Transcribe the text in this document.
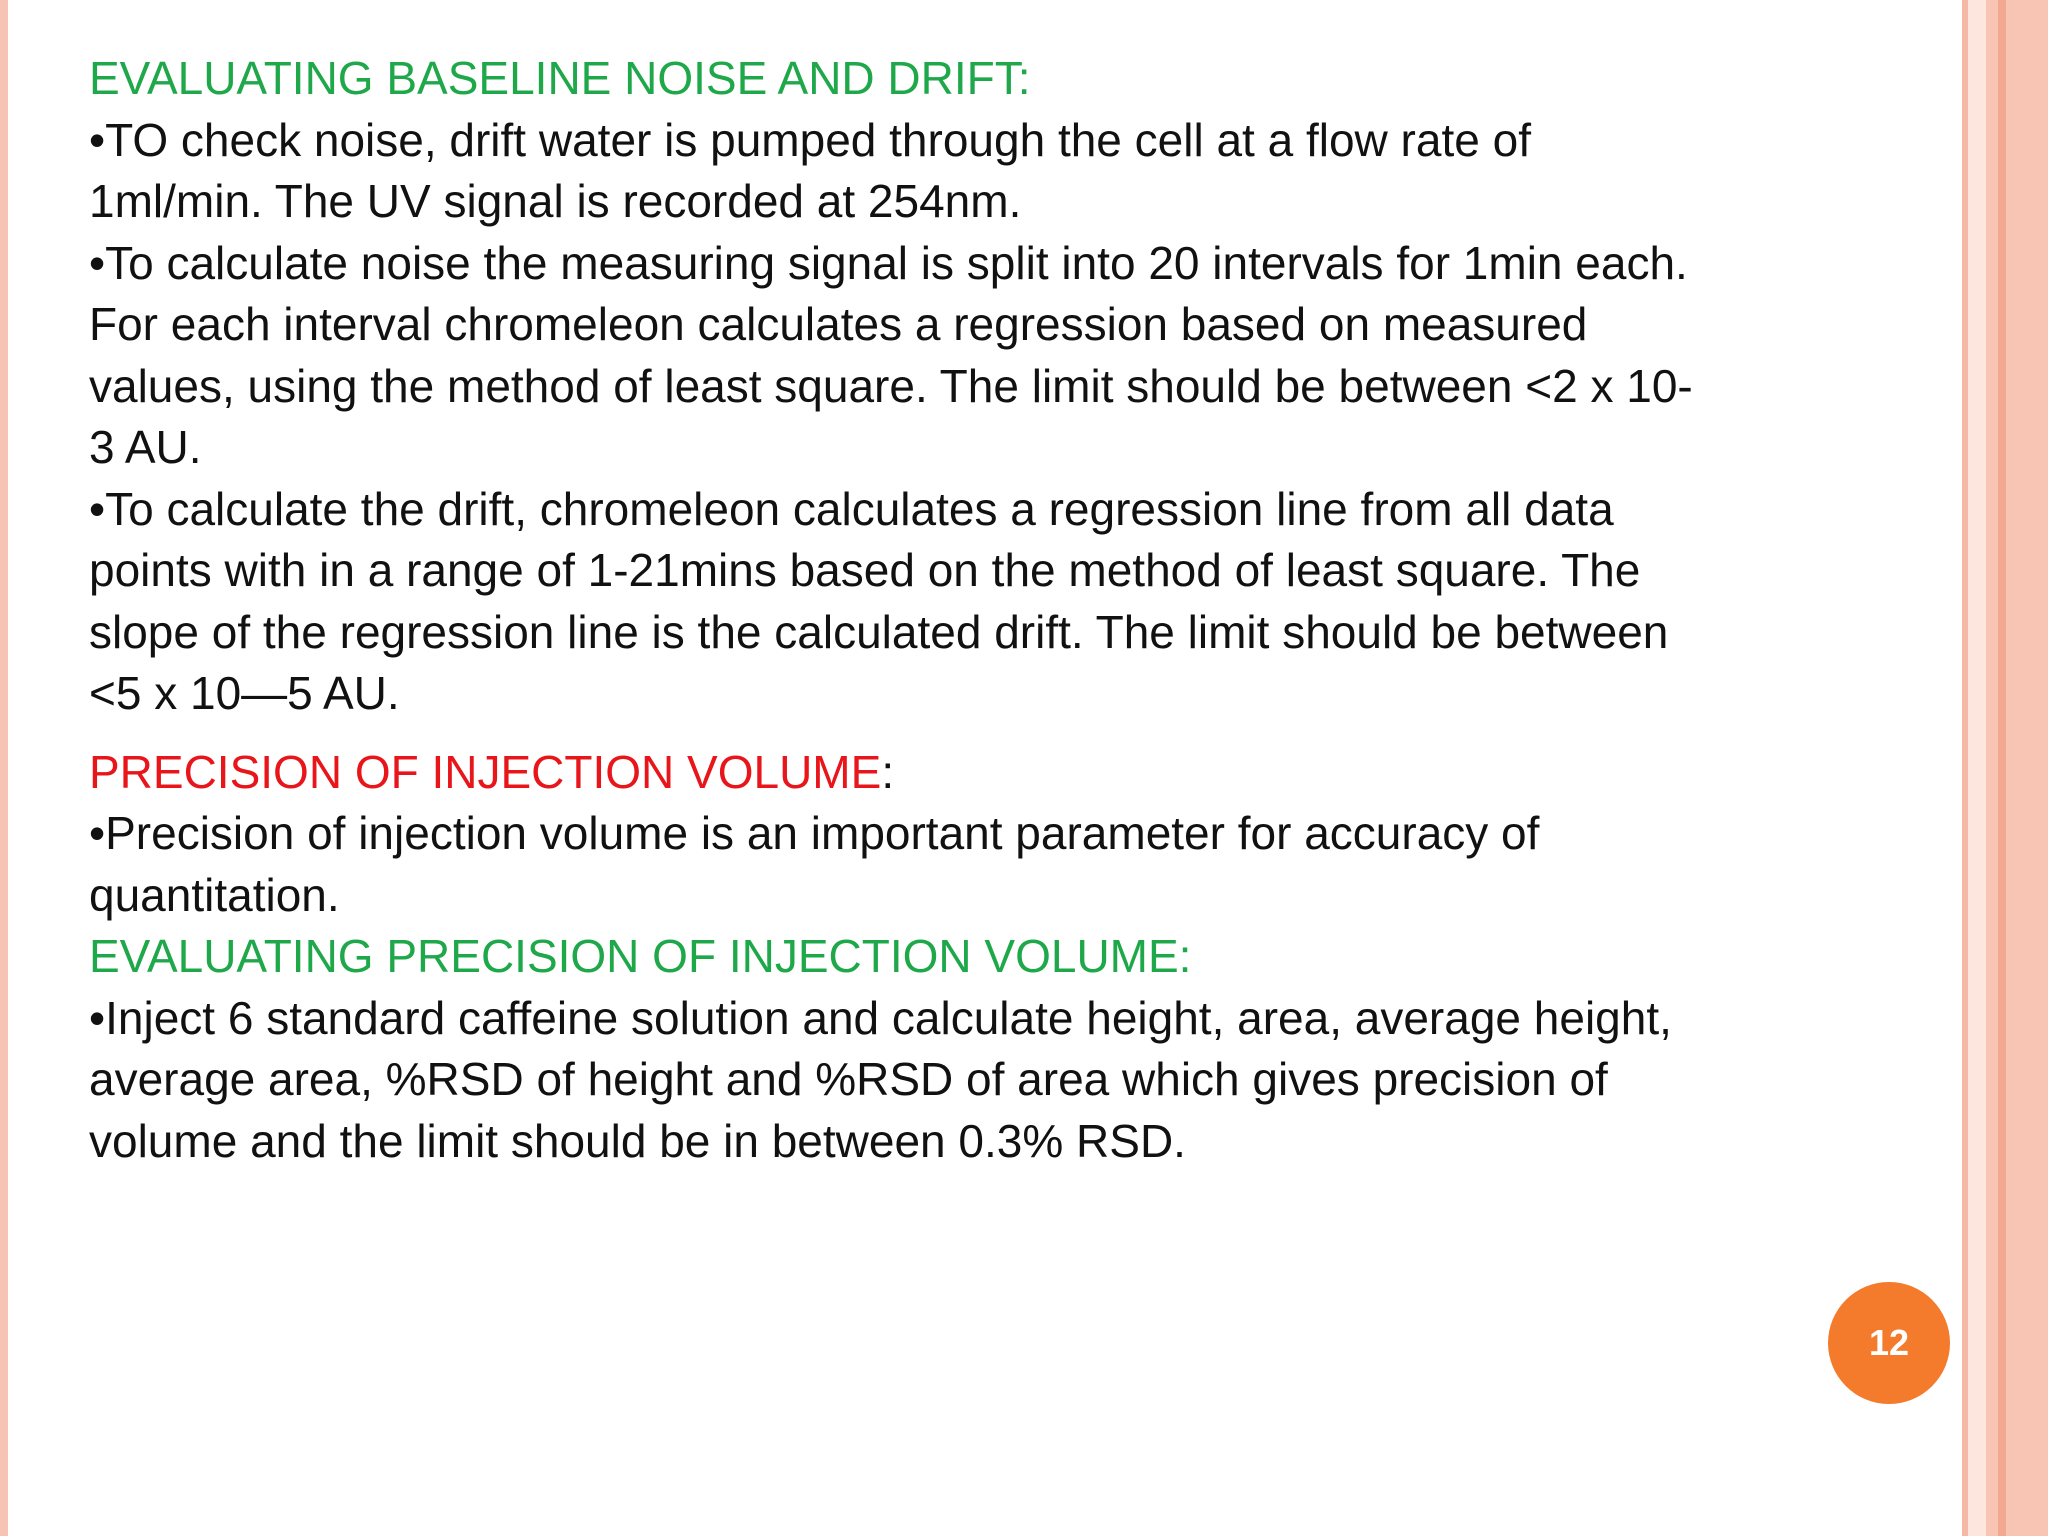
EVALUATING BASELINE NOISE AND DRIFT:

•TO check noise, drift water is pumped through the cell at a flow rate of

1ml/min. The UV signal is recorded at 254nm.

•To calculate noise the measuring signal is split into 20 intervals for 1min each.

For each interval chromeleon calculates a regression based on measured

values, using the method of least square. The limit should be between <2 x 10-

3 AU.

•To calculate the drift, chromeleon calculates a regression line from all data

points with in a range of 1-21mins based on the method of least square. The

slope of the regression line is the calculated drift. The limit should be between

<5 x 10—5 AU.

PRECISION OF INJECTION VOLUME:

•Precision of injection volume is an important parameter for accuracy of

quantitation.

EVALUATING PRECISION OF INJECTION VOLUME:

•Inject 6 standard caffeine solution and calculate height, area, average height,

average area, %RSD of height and %RSD of area which gives precision of

volume and the limit should be in between 0.3% RSD.

12
